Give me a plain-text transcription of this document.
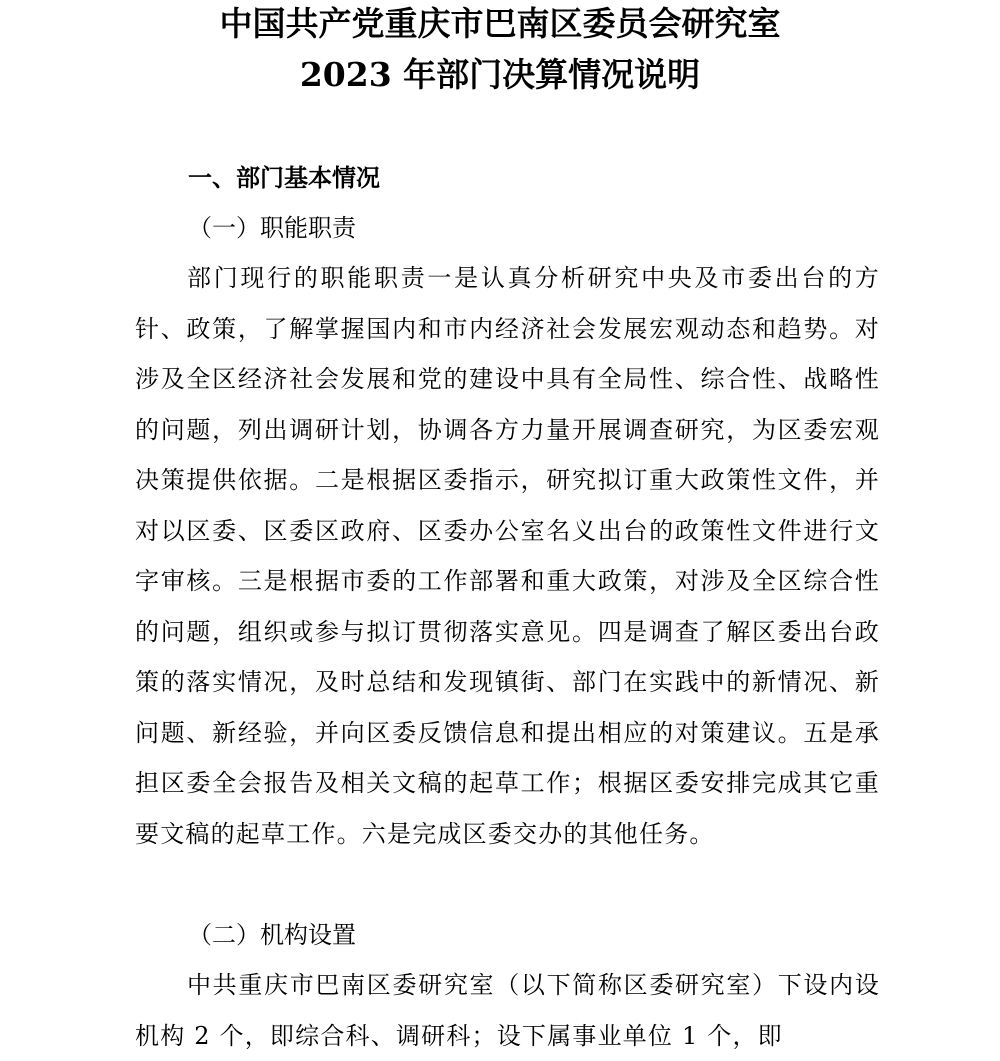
中国共产党重庆市巴南区委员会研究室
2023 年部门决算情况说明
一、部门基本情况
（一）职能职责

部门现行的职能职责一是认真分析研究中央及市委出台的方针、政策，了解掌握国内和市内经济社会发展宏观动态和趋势。对涉及全区经济社会发展和党的建设中具有全局性、综合性、战略性的问题，列出调研计划，协调各方力量开展调查研究，为区委宏观决策提供依据。二是根据区委指示，研究拟订重大政策性文件，并对以区委、区委区政府、区委办公室名义出台的政策性文件进行文字审核。三是根据市委的工作部署和重大政策，对涉及全区综合性的问题，组织或参与拟订贯彻落实意见。四是调查了解区委出台政策的落实情况，及时总结和发现镇街、部门在实践中的新情况、新问题、新经验，并向区委反馈信息和提出相应的对策建议。五是承担区委全会报告及相关文稿的起草工作；根据区委安排完成其它重要文稿的起草工作。六是完成区委交办的其他任务。

（二）机构设置

中共重庆市巴南区委研究室（以下简称区委研究室）下设内设机构 2 个，即综合科、调研科；设下属事业单位 1 个，即
